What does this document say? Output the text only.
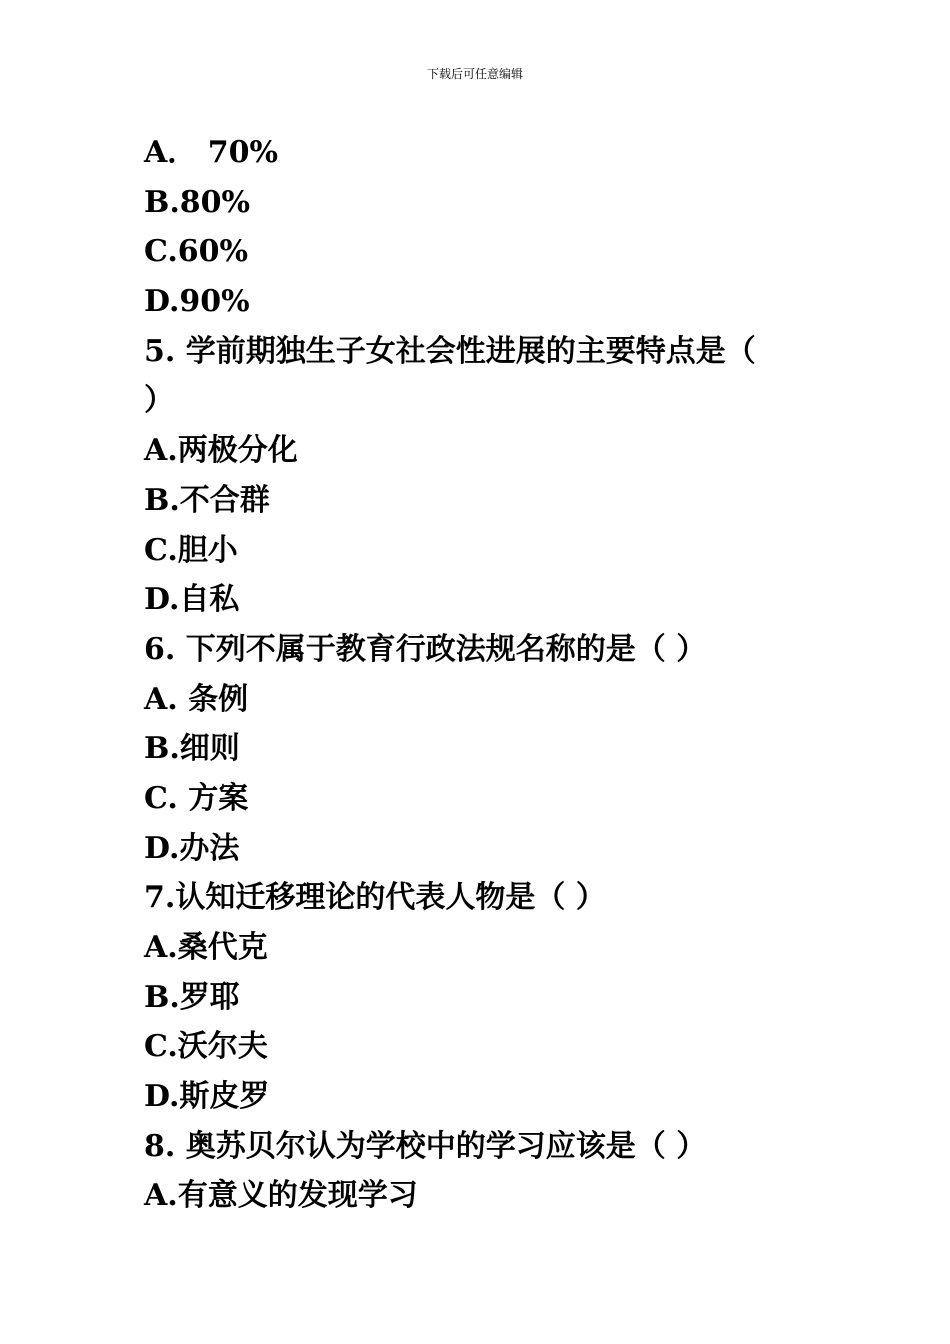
下载后可任意编辑
A． 70%
B.80%
C.60%
D.90%
5. 学前期独生子女社会性进展的主要特点是（
）
A.两极分化
B.不合群
C.胆小
D.自私
6. 下列不属于教育行政法规名称的是（ ）
A. 条例
B.细则
C. 方案
D.办法
7.认知迁移理论的代表人物是（ ）
A.桑代克
B.罗耶
C.沃尔夫
D.斯皮罗
8. 奥苏贝尔认为学校中的学习应该是（ ）
A.有意义的发现学习
